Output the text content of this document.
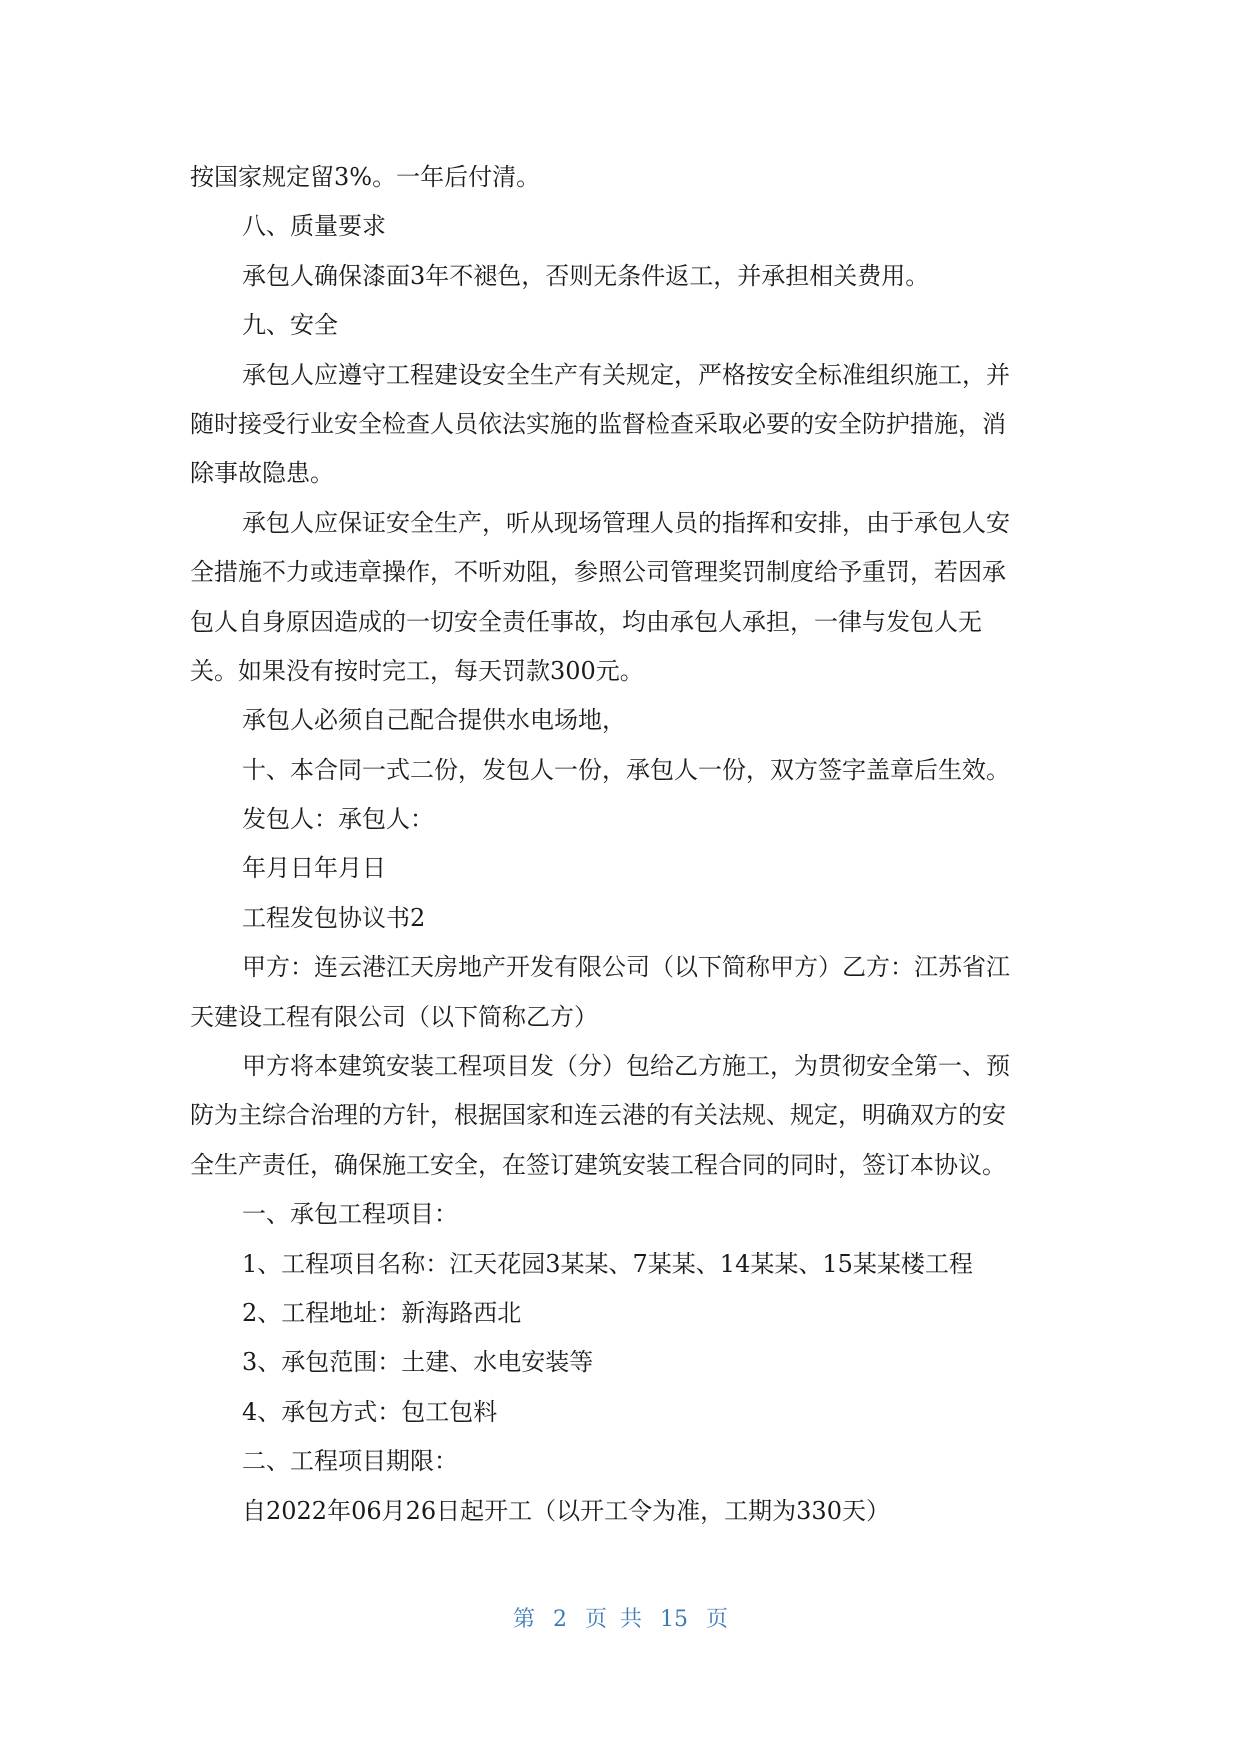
按国家规定留3%。一年后付清。

八、质量要求

承包人确保漆面3年不褪色，否则无条件返工，并承担相关费用。

九、安全

承包人应遵守工程建设安全生产有关规定，严格按安全标准组织施工，并

随时接受行业安全检查人员依法实施的监督检查采取必要的安全防护措施，消

除事故隐患。

承包人应保证安全生产，听从现场管理人员的指挥和安排，由于承包人安

全措施不力或违章操作，不听劝阻，参照公司管理奖罚制度给予重罚，若因承

包人自身原因造成的一切安全责任事故，均由承包人承担，一律与发包人无

关。如果没有按时完工，每天罚款300元。

承包人必须自己配合提供水电场地，

十、本合同一式二份，发包人一份，承包人一份，双方签字盖章后生效。

发包人：承包人：

年月日年月日

工程发包协议书2

甲方：连云港江天房地产开发有限公司（以下简称甲方）乙方：江苏省江

天建设工程有限公司（以下简称乙方）

甲方将本建筑安装工程项目发（分）包给乙方施工，为贯彻安全第一、预

防为主综合治理的方针，根据国家和连云港的有关法规、规定，明确双方的安

全生产责任，确保施工安全，在签订建筑安装工程合同的同时，签订本协议。

一、承包工程项目：

1、工程项目名称：江天花园3某某、7某某、14某某、15某某楼工程

2、工程地址：新海路西北

3、承包范围：土建、水电安装等

4、承包方式：包工包料

二、工程项目期限：

自2022年06月26日起开工（以开工令为准，工期为330天）

第 2 页 共 15 页
